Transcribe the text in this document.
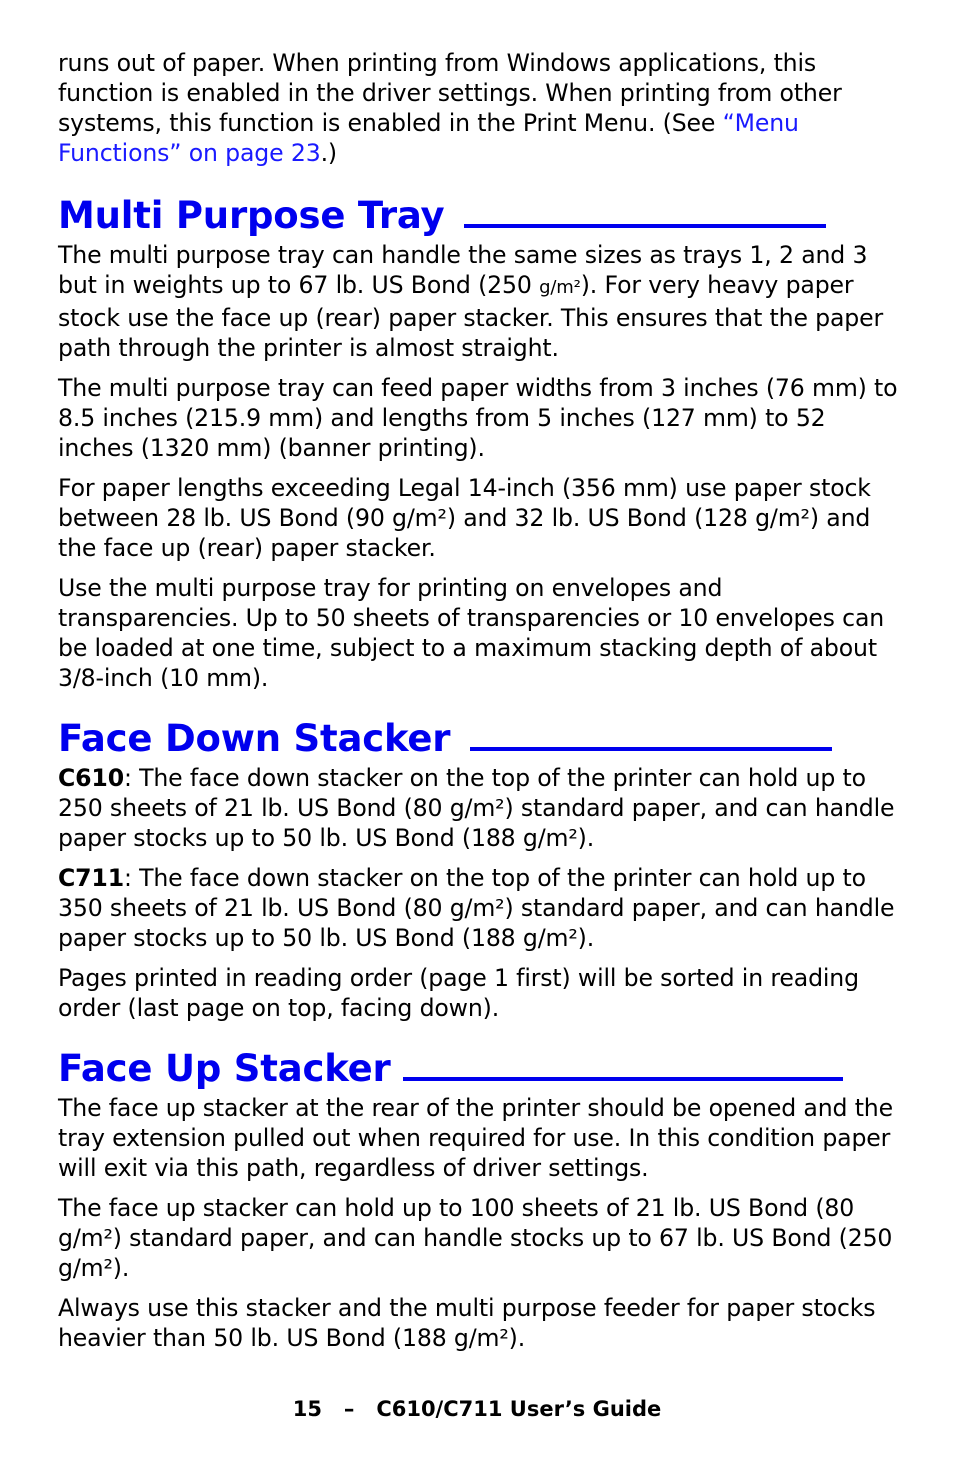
runs out of paper. When printing from Windows applications, this function is enabled in the driver settings. When printing from other systems, this function is enabled in the Print Menu. (See “Menu Functions” on page 23.)

Multi Purpose Tray

The multi purpose tray can handle the same sizes as trays 1, 2 and 3 but in weights up to 67 lb. US Bond (250 g/m²). For very heavy paper stock use the face up (rear) paper stacker. This ensures that the paper path through the printer is almost straight.

The multi purpose tray can feed paper widths from 3 inches (76 mm) to 8.5 inches (215.9 mm) and lengths from 5 inches (127 mm) to 52 inches (1320 mm) (banner printing).

For paper lengths exceeding Legal 14-inch (356 mm) use paper stock between 28 lb. US Bond (90 g/m²) and 32 lb. US Bond (128 g/m²) and the face up (rear) paper stacker.

Use the multi purpose tray for printing on envelopes and transparencies. Up to 50 sheets of transparencies or 10 envelopes can be loaded at one time, subject to a maximum stacking depth of about 3/8-inch (10 mm).

Face Down Stacker

C610: The face down stacker on the top of the printer can hold up to 250 sheets of 21 lb. US Bond (80 g/m²) standard paper, and can handle paper stocks up to 50 lb. US Bond (188 g/m²).

C711: The face down stacker on the top of the printer can hold up to 350 sheets of 21 lb. US Bond (80 g/m²) standard paper, and can handle paper stocks up to 50 lb. US Bond (188 g/m²).

Pages printed in reading order (page 1 first) will be sorted in reading order (last page on top, facing down).

Face Up Stacker

The face up stacker at the rear of the printer should be opened and the tray extension pulled out when required for use. In this condition paper will exit via this path, regardless of driver settings.

The face up stacker can hold up to 100 sheets of 21 lb. US Bond (80 g/m²) standard paper, and can handle stocks up to 67 lb. US Bond (250 g/m²).

Always use this stacker and the multi purpose feeder for paper stocks heavier than 50 lb. US Bond (188 g/m²).

15 – C610/C711 User’s Guide
